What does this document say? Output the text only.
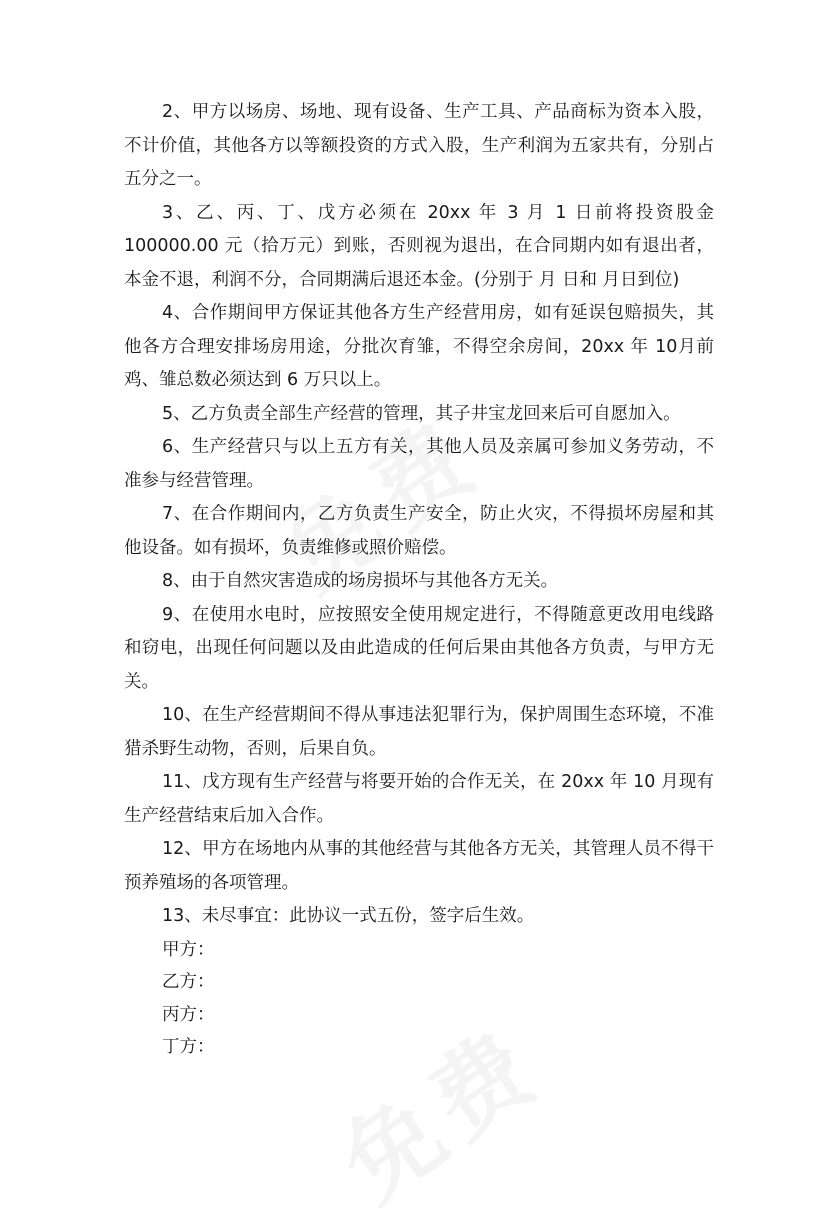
2、甲方以场房、场地、现有设备、生产工具、产品商标为资本入股，不计价值，其他各方以等额投资的方式入股，生产利润为五家共有，分别占五分之一。

3、乙、丙、丁、戊方必须在 20xx 年 3 月 1 日前将投资股金100000.00 元（拾万元）到账，否则视为退出，在合同期内如有退出者，本金不退，利润不分，合同期满后退还本金。(分别于 月 日和 月日到位)

4、合作期间甲方保证其他各方生产经营用房，如有延误包赔损失，其他各方合理安排场房用途，分批次育雏，不得空余房间，20xx 年 10月前鸡、雏总数必须达到 6 万只以上。

5、乙方负责全部生产经营的管理，其子井宝龙回来后可自愿加入。

6、生产经营只与以上五方有关，其他人员及亲属可参加义务劳动，不准参与经营管理。

7、在合作期间内，乙方负责生产安全，防止火灾，不得损坏房屋和其他设备。如有损坏，负责维修或照价赔偿。

8、由于自然灾害造成的场房损坏与其他各方无关。

9、在使用水电时，应按照安全使用规定进行，不得随意更改用电线路和窃电，出现任何问题以及由此造成的任何后果由其他各方负责，与甲方无关。

10、在生产经营期间不得从事违法犯罪行为，保护周围生态环境，不准猎杀野生动物，否则，后果自负。

11、戊方现有生产经营与将要开始的合作无关，在 20xx 年 10 月现有生产经营结束后加入合作。

12、甲方在场地内从事的其他经营与其他各方无关，其管理人员不得干预养殖场的各项管理。

13、未尽事宜：此协议一式五份，签字后生效。

甲方：

乙方：

丙方：

丁方：
